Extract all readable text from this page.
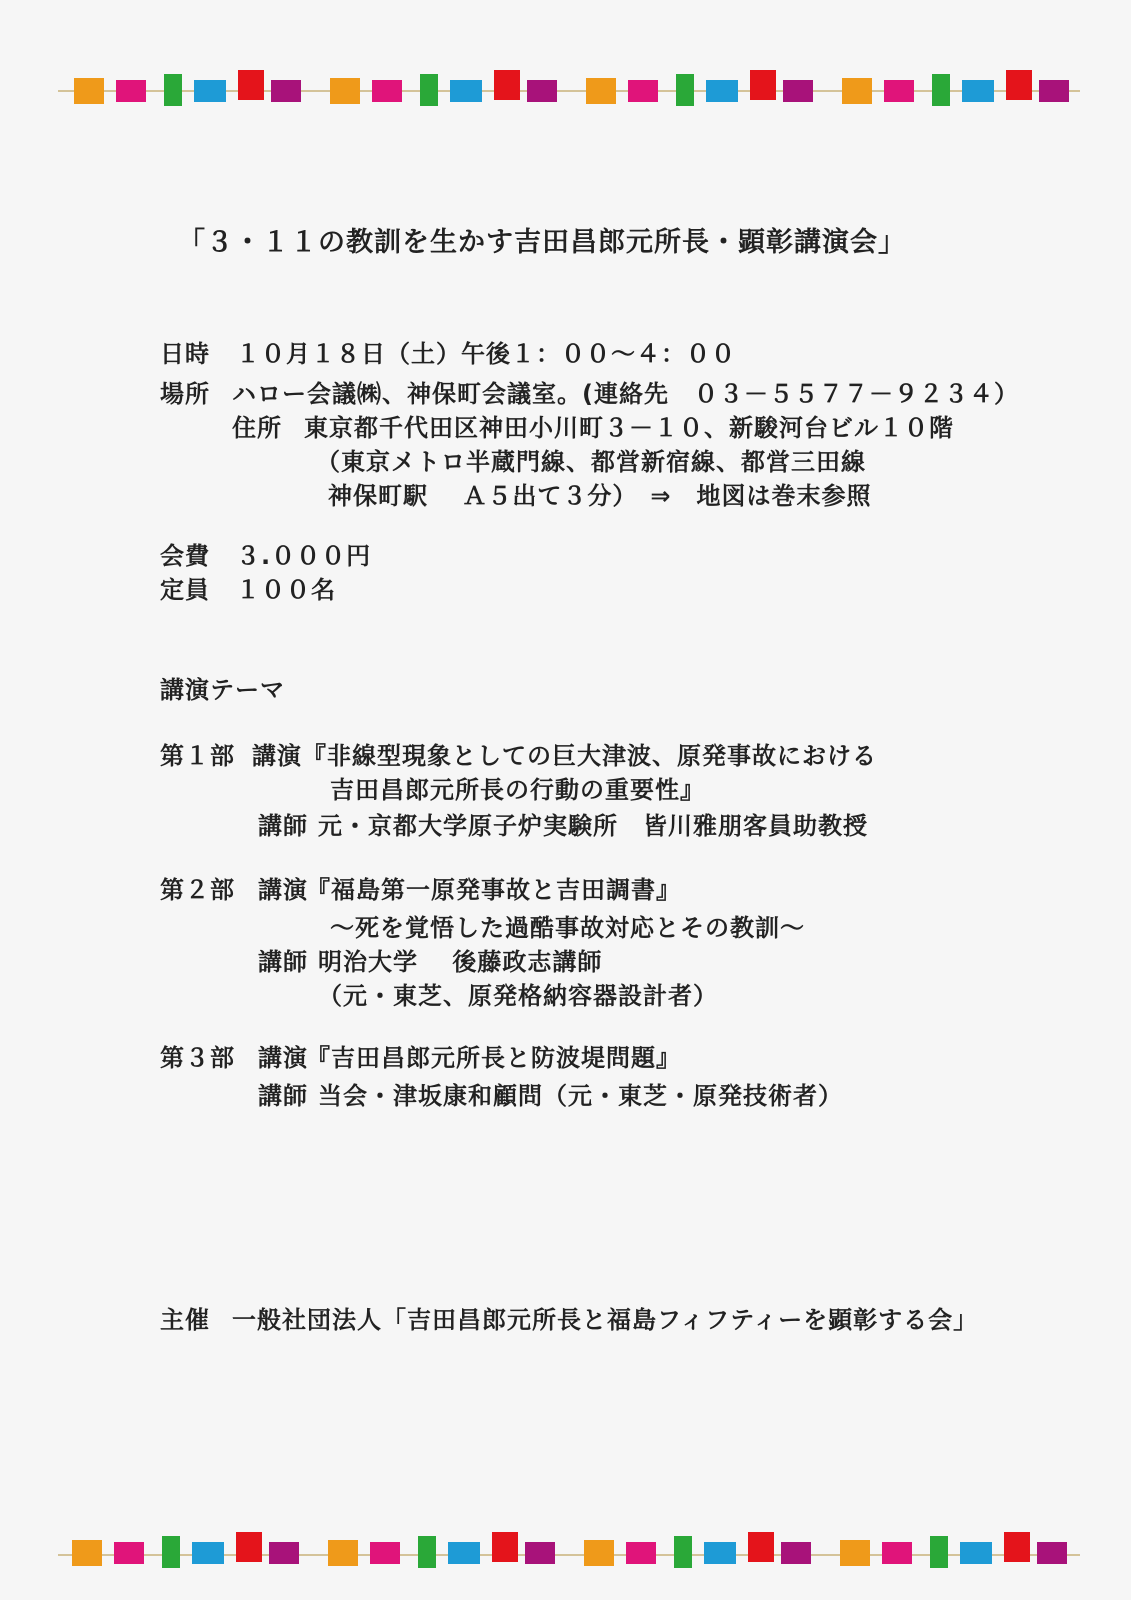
「３・１１の教訓を生かす吉田昌郎元所長・顕彰講演会」
日時 １０月１８日（土）午後１：００～４：００
場所 ハロー会議㈱、神保町会議室。(連絡先　０３－５５７７－９２３４）
住所 東京都千代田区神田小川町３－１０、新駿河台ビル１０階
（東京メトロ半蔵門線、都営新宿線、都営三田線
神保町駅　 Ａ５出て３分）　⇒　地図は巻末参照
会費 ３.０００円
定員 １００名
講演テーマ
第１部 講演 『非線型現象としての巨大津波、原発事故における
吉田昌郎元所長の行動の重要性』
講師 元・京都大学原子炉実験所　皆川雅朋客員助教授
第２部 講演
『福島第一原発事故と吉田調書』
～死を覚悟した過酷事故対応とその教訓～
講師 明治大学　 後藤政志講師
（元・東芝、原発格納容器設計者）
第３部 講演
『吉田昌郎元所長と防波堤問題』
講師 当会・津坂康和顧問（元・東芝・原発技術者）
主催 一般社団法人「吉田昌郎元所長と福島フィフティーを顕彰する会」
